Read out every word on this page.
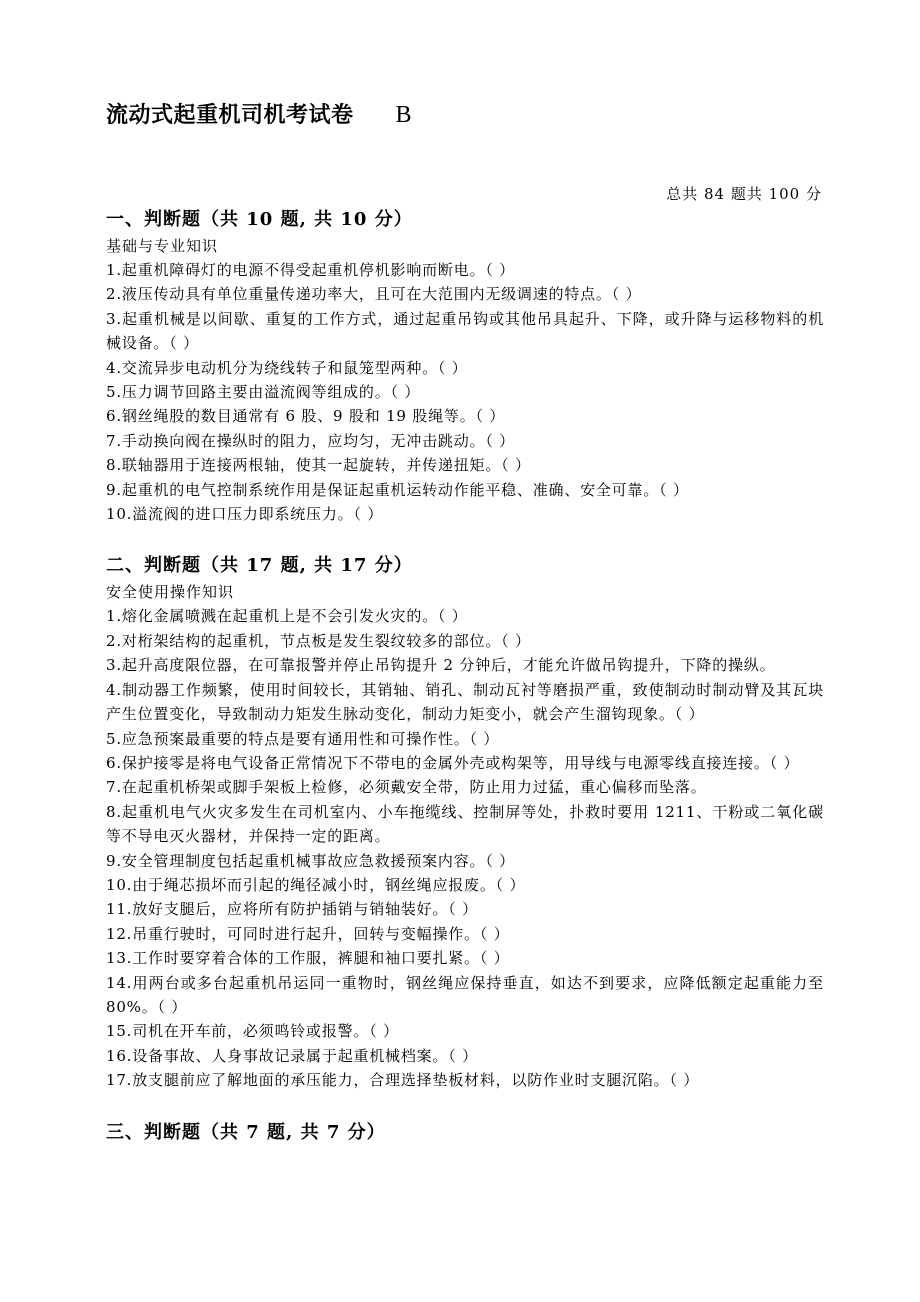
流动式起重机司机考试卷 B
总共 84 题共 100 分
一、判断题（共 10 题, 共 10 分）
基础与专业知识
1.起重机障碍灯的电源不得受起重机停机影响而断电。（ ）
2.液压传动具有单位重量传递功率大，且可在大范围内无级调速的特点。（ ）
3.起重机械是以间歇、重复的工作方式，通过起重吊钩或其他吊具起升、下降，或升降与运移物料的机械设备。（ ）
4.交流异步电动机分为绕线转子和鼠笼型两种。（ ）
5.压力调节回路主要由溢流阀等组成的。（ ）
6.钢丝绳股的数目通常有 6 股、9 股和 19 股绳等。（ ）
7.手动换向阀在操纵时的阻力，应均匀，无冲击跳动。（ ）
8.联轴器用于连接两根轴，使其一起旋转，并传递扭矩。（ ）
9.起重机的电气控制系统作用是保证起重机运转动作能平稳、准确、安全可靠。（ ）
10.溢流阀的进口压力即系统压力。（ ）
二、判断题（共 17 题, 共 17 分）
安全使用操作知识
1.熔化金属喷溅在起重机上是不会引发火灾的。（ ）
2.对桁架结构的起重机，节点板是发生裂纹较多的部位。（ ）
3.起升高度限位器，在可靠报警并停止吊钩提升 2 分钟后，才能允许做吊钩提升，下降的操纵。
4.制动器工作频繁，使用时间较长，其销轴、销孔、制动瓦衬等磨损严重，致使制动时制动臂及其瓦块产生位置变化，导致制动力矩发生脉动变化，制动力矩变小，就会产生溜钩现象。（ ）
5.应急预案最重要的特点是要有通用性和可操作性。（ ）
6.保护接零是将电气设备正常情况下不带电的金属外壳或构架等，用导线与电源零线直接连接。（ ）
7.在起重机桥架或脚手架板上检修，必须戴安全带，防止用力过猛，重心偏移而坠落。
8.起重机电气火灾多发生在司机室内、小车拖缆线、控制屏等处，扑救时要用 1211、干粉或二氧化碳等不导电灭火器材，并保持一定的距离。
9.安全管理制度包括起重机械事故应急救援预案内容。（ ）
10.由于绳芯损坏而引起的绳径减小时，钢丝绳应报废。（ ）
11.放好支腿后，应将所有防护插销与销轴装好。（ ）
12.吊重行驶时，可同时进行起升，回转与变幅操作。（ ）
13.工作时要穿着合体的工作服，裤腿和袖口要扎紧。（ ）
14.用两台或多台起重机吊运同一重物时，钢丝绳应保持垂直，如达不到要求，应降低额定起重能力至 80%。（ ）
15.司机在开车前，必须鸣铃或报警。（ ）
16.设备事故、人身事故记录属于起重机械档案。（ ）
17.放支腿前应了解地面的承压能力，合理选择垫板材料，以防作业时支腿沉陷。（ ）
三、判断题（共 7 题, 共 7 分）
